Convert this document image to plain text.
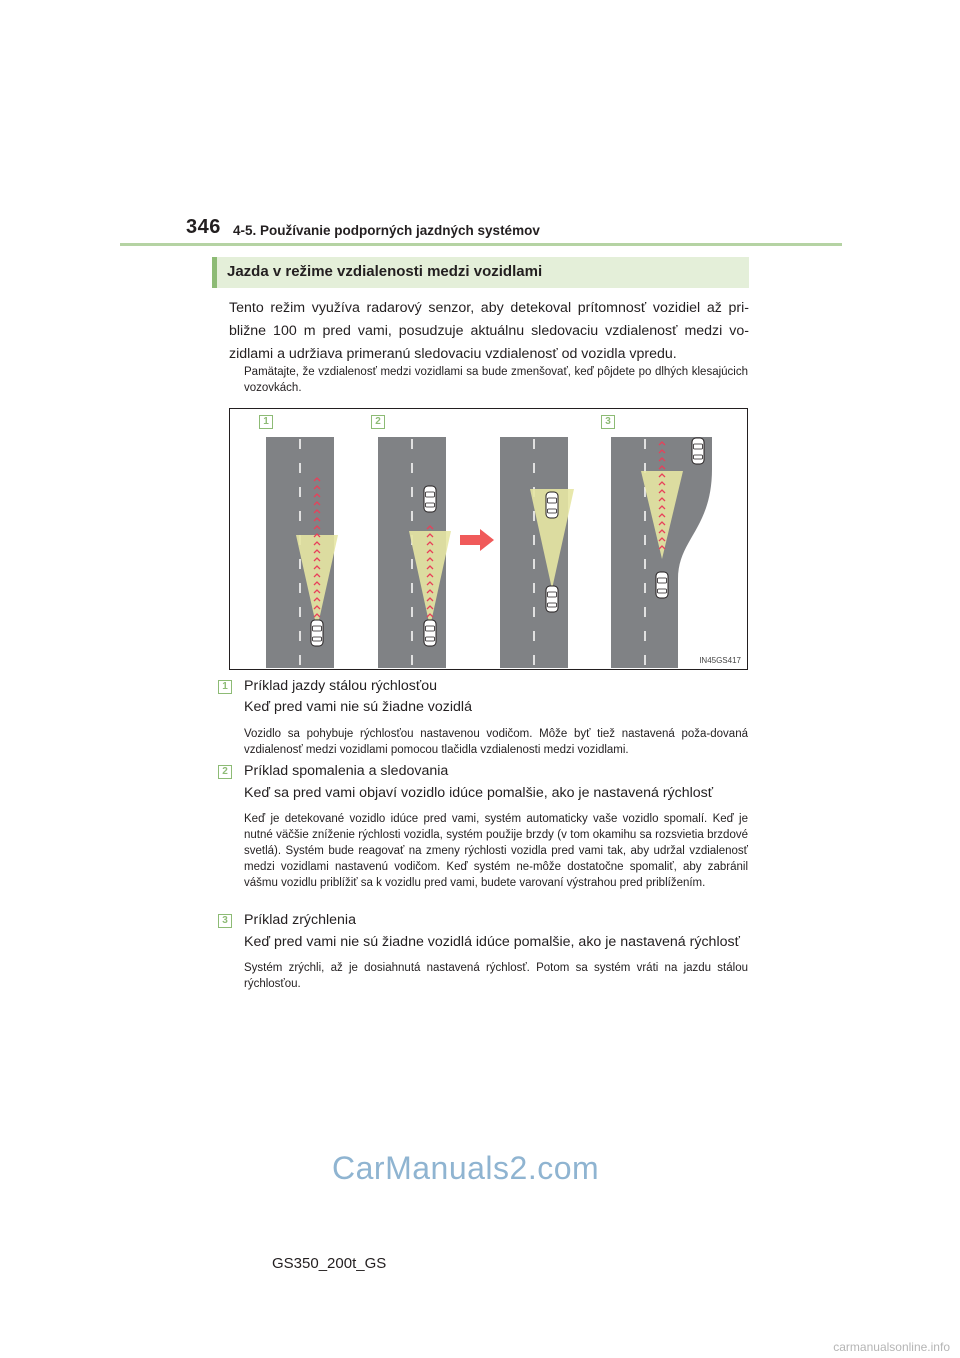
346 4-5. Používanie podporných jazdných systémov
Jazda v režime vzdialenosti medzi vozidlami
Tento režim využíva radarový senzor, aby detekoval prítomnosť vozidiel až pri-bližne 100 m pred vami, posudzuje aktuálnu sledovaciu vzdialenosť medzi vo-zidlami a udržiava primeranú sledovaciu vzdialenosť od vozidla vpredu.
Pamätajte, že vzdialenosť medzi vozidlami sa bude zmenšovať, keď pôjdete po dlhých klesajúcich vozovkách.
1	2	3
IN45GS417
1 Príklad jazdy stálou rýchlosťou
Keď pred vami nie sú žiadne vozidlá
Vozidlo sa pohybuje rýchlosťou nastavenou vodičom. Môže byť tiež nastavená poža-dovaná vzdialenosť medzi vozidlami pomocou tlačidla vzdialenosti medzi vozidlami.
2 Príklad spomalenia a sledovania
Keď sa pred vami objaví vozidlo idúce pomalšie, ako je nastavená rýchlosť
Keď je detekované vozidlo idúce pred vami, systém automaticky vaše vozidlo spomalí. Keď je nutné väčšie zníženie rýchlosti vozidla, systém použije brzdy (v tom okamihu sa rozsvietia brzdové svetlá). Systém bude reagovať na zmeny rýchlosti vozidla pred vami tak, aby udržal vzdialenosť medzi vozidlami nastavenú vodičom. Keď systém ne-môže dostatočne spomaliť, aby zabránil vášmu vozidlu priblížiť sa k vozidlu pred vami, budete varovaní výstrahou pred priblížením.
3 Príklad zrýchlenia
Keď pred vami nie sú žiadne vozidlá idúce pomalšie, ako je nastavená rýchlosť
Systém zrýchli, až je dosiahnutá nastavená rýchlosť. Potom sa systém vráti na jazdu stálou rýchlosťou.
CarManuals2.com
GS350_200t_GS
carmanualsonline.info
